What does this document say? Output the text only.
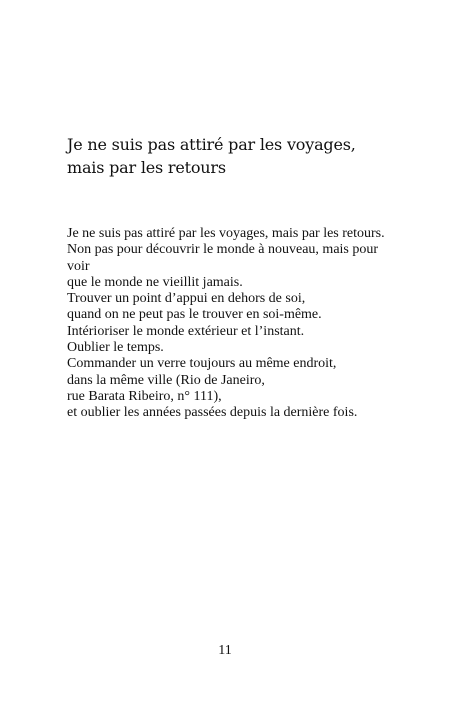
Je ne suis pas attiré par les voyages,
mais par les retours
Je ne suis pas attiré par les voyages, mais par les retours.
Non pas pour découvrir le monde à nouveau, mais pour
voir
que le monde ne vieillit jamais.
Trouver un point d’appui en dehors de soi,
quand on ne peut pas le trouver en soi-même.
Intérioriser le monde extérieur et l’instant.
Oublier le temps.
Commander un verre toujours au même endroit,
dans la même ville (Rio de Janeiro,
rue Barata Ribeiro, n° 111),
et oublier les années passées depuis la dernière fois.
11
